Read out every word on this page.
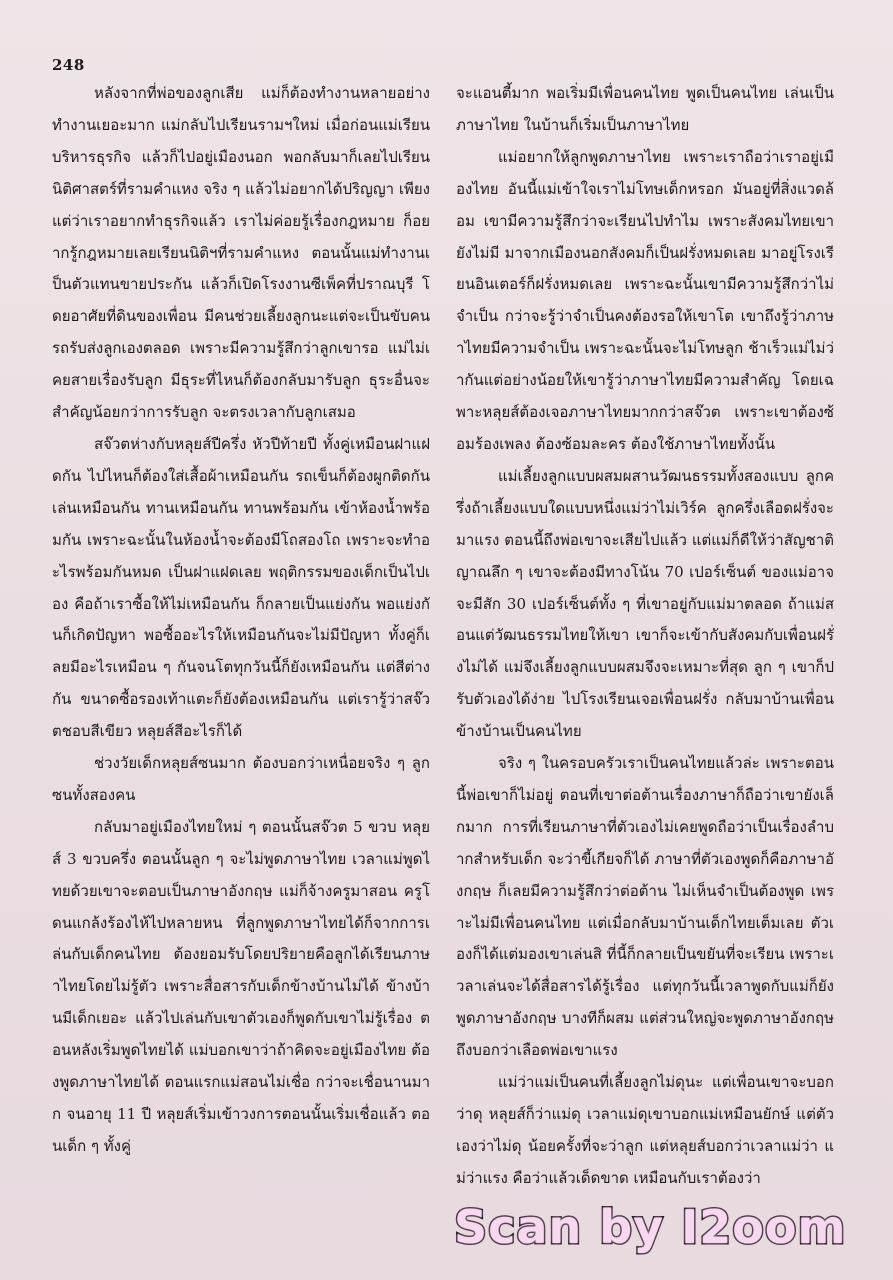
248

หลังจากที่พ่อของลูกเสีย แม่ก็ต้องทำงานหลายอย่าง ทำงานเยอะมาก แม่กลับไปเรียนรามฯใหม่ เมื่อก่อนแม่เรียนบริหารธุรกิจ แล้วก็ไปอยู่เมืองนอก พอกลับมาก็เลยไปเรียน นิติศาสตร์ที่รามคำแหง จริง ๆ แล้วไม่อยากได้ปริญญา เพียงแต่ว่าเราอยากทำธุรกิจแล้ว เราไม่ค่อยรู้เรื่องกฎหมาย ก็อยากรู้กฎหมายเลยเรียนนิติฯที่รามคำแหง ตอนนั้นแม่ทำงานเป็นตัวแทนขายประกัน แล้วก็เปิดโรงงานซีเพ็คที่ปราณบุรี โดยอาศัยที่ดินของเพื่อน มีคนช่วยเลี้ยงลูกนะแต่จะเป็นขับคนรถรับส่งลูกเองตลอด เพราะมีความรู้สึกว่าลูกเขารอ แม่ไม่เคยสายเรื่องรับลูก มีธุระที่ไหนก็ต้องกลับมารับลูก ธุระอื่นจะสำคัญน้อยกว่าการรับลูก จะตรงเวลากับลูกเสมอ

สจ๊วตห่างกับหลุยส์ปีครึ่ง หัวปีท้ายปี ทั้งคู่เหมือนฝาแฝดกัน ไปไหนก็ต้องใส่เสื้อผ้าเหมือนกัน รถเข็นก็ต้องผูกติดกัน เล่นเหมือนกัน ทานเหมือนกัน ทานพร้อมกัน เข้าห้องน้ำพร้อมกัน เพราะฉะนั้นในห้องน้ำจะต้องมีโถสองโถ เพราะจะทำอะไรพร้อมกันหมด เป็นฝาแฝดเลย พฤติกรรมของเด็กเป็นไปเอง คือถ้าเราซื้อให้ไม่เหมือนกัน ก็กลายเป็นแย่งกัน พอแย่งกันก็เกิดปัญหา พอซื้ออะไรให้เหมือนกันจะไม่มีปัญหา ทั้งคู่ก็เลยมีอะไรเหมือน ๆ กันจนโตทุกวันนี้ก็ยังเหมือนกัน แต่สีต่างกัน ขนาดซื้อรองเท้าแตะก็ยังต้องเหมือนกัน แต่เรารู้ว่าสจ๊วตชอบสีเขียว หลุยส์สีอะไรก็ได้

ช่วงวัยเด็กหลุยส์ซนมาก ต้องบอกว่าเหนื่อยจริง ๆ ลูกซนทั้งสองคน

กลับมาอยู่เมืองไทยใหม่ ๆ ตอนนั้นสจ๊วต 5 ขวบ หลุยส์ 3 ขวบครึ่ง ตอนนั้นลูก ๆ จะไม่พูดภาษาไทย เวลาแม่พูดไทยด้วยเขาจะตอบเป็นภาษาอังกฤษ แม่ก็จ้างครูมาสอน ครูโดนแกล้งร้องไห้ไปหลายหน ที่ลูกพูดภาษาไทยได้ก็จากการเล่นกับเด็กคนไทย ต้องยอมรับโดยปริยายคือลูกได้เรียนภาษาไทยโดยไม่รู้ตัว เพราะสื่อสารกับเด็กข้างบ้านไม่ได้ ข้างบ้านมีเด็กเยอะ แล้วไปเล่นกับเขาตัวเองก็พูดกับเขาไม่รู้เรื่อง ตอนหลังเริ่มพูดไทยได้ แม่บอกเขาว่าถ้าคิดจะอยู่เมืองไทย ต้องพูดภาษาไทยได้ ตอนแรกแม่สอนไม่เชื่อ กว่าจะเชื่อนานมาก จนอายุ 11 ปี หลุยส์เริ่มเข้าวงการตอนนั้นเริ่มเชื่อแล้ว ตอนเด็ก ๆ ทั้งคู่

จะแอนตี้มาก พอเริ่มมีเพื่อนคนไทย พูดเป็นคนไทย เล่นเป็นภาษาไทย ในบ้านก็เริ่มเป็นภาษาไทย

แม่อยากให้ลูกพูดภาษาไทย เพราะเราถือว่าเราอยู่เมืองไทย อันนี้แม่เข้าใจเราไม่โทษเด็กหรอก มันอยู่ที่สิ่งแวดล้อม เขามีความรู้สึกว่าจะเรียนไปทำไม เพราะสังคมไทยเขายังไม่มี มาจากเมืองนอกสังคมก็เป็นฝรั่งหมดเลย มาอยู่โรงเรียนอินเตอร์ก็ฝรั่งหมดเลย เพราะฉะนั้นเขามีความรู้สึกว่าไม่จำเป็น กว่าจะรู้ว่าจำเป็นคงต้องรอให้เขาโต เขาถึงรู้ว่าภาษาไทยมีความจำเป็น เพราะฉะนั้นจะไม่โทษลูก ช้าเร็วแม่ไม่ว่ากันแต่อย่างน้อยให้เขารู้ว่าภาษาไทยมีความสำคัญ โดยเฉพาะหลุยส์ต้องเจอภาษาไทยมากกว่าสจ๊วต เพราะเขาต้องซ้อมร้องเพลง ต้องซ้อมละคร ต้องใช้ภาษาไทยทั้งนั้น

แม่เลี้ยงลูกแบบผสมผสานวัฒนธรรมทั้งสองแบบ ลูกครึ่งถ้าเลี้ยงแบบใดแบบหนึ่งแม่ว่าไม่เวิร์ค ลูกครึ่งเลือดฝรั่งจะมาแรง ตอนนี้ถึงพ่อเขาจะเสียไปแล้ว แต่แม่ก็ดีให้ว่าสัญชาติญาณลึก ๆ เขาจะต้องมีทางโน้น 70 เปอร์เซ็นต์ ของแม่อาจจะมีสัก 30 เปอร์เซ็นต์ทั้ง ๆ ที่เขาอยู่กับแม่มาตลอด ถ้าแม่สอนแต่วัฒนธรรมไทยให้เขา เขาก็จะเข้ากับสังคมกับเพื่อนฝรั่งไม่ได้ แม่จึงเลี้ยงลูกแบบผสมจึงจะเหมาะที่สุด ลูก ๆ เขาก็ปรับตัวเองได้ง่าย ไปโรงเรียนเจอเพื่อนฝรั่ง กลับมาบ้านเพื่อนข้างบ้านเป็นคนไทย

จริง ๆ ในครอบครัวเราเป็นคนไทยแล้วล่ะ เพราะตอนนี้พ่อเขาก็ไม่อยู่ ตอนที่เขาต่อต้านเรื่องภาษาก็ถือว่าเขายังเล็กมาก การที่เรียนภาษาที่ตัวเองไม่เคยพูดถือว่าเป็นเรื่องลำบากสำหรับเด็ก จะว่าขี้เกียจก็ได้ ภาษาที่ตัวเองพูดก็คือภาษาอังกฤษ ก็เลยมีความรู้สึกว่าต่อต้าน ไม่เห็นจำเป็นต้องพูด เพราะไม่มีเพื่อนคนไทย แต่เมื่อกลับมาบ้านเด็กไทยเต็มเลย ตัวเองก็ได้แต่มองเขาเล่นสิ ที่นี้ก็กลายเป็นขยันที่จะเรียน เพราะเวลาเล่นจะได้สื่อสารได้รู้เรื่อง แต่ทุกวันนี้เวลาพูดกับแม่ก็ยังพูดภาษาอังกฤษ บางทีก็ผสม แต่ส่วนใหญ่จะพูดภาษาอังกฤษ ถึงบอกว่าเลือดพ่อเขาแรง

แม่ว่าแม่เป็นคนที่เลี้ยงลูกไม่ดุนะ แต่เพื่อนเขาจะบอกว่าดุ หลุยส์ก็ว่าแม่ดุ เวลาแม่ดุเขาบอกแม่เหมือนยักษ์ แต่ตัวเองว่าไม่ดุ น้อยครั้งที่จะว่าลูก แต่หลุยส์บอกว่าเวลาแม่ว่า แม่ว่าแรง คือว่าแล้วเด็ดขาด เหมือนกับเราต้องว่า

Scan by I2oom
